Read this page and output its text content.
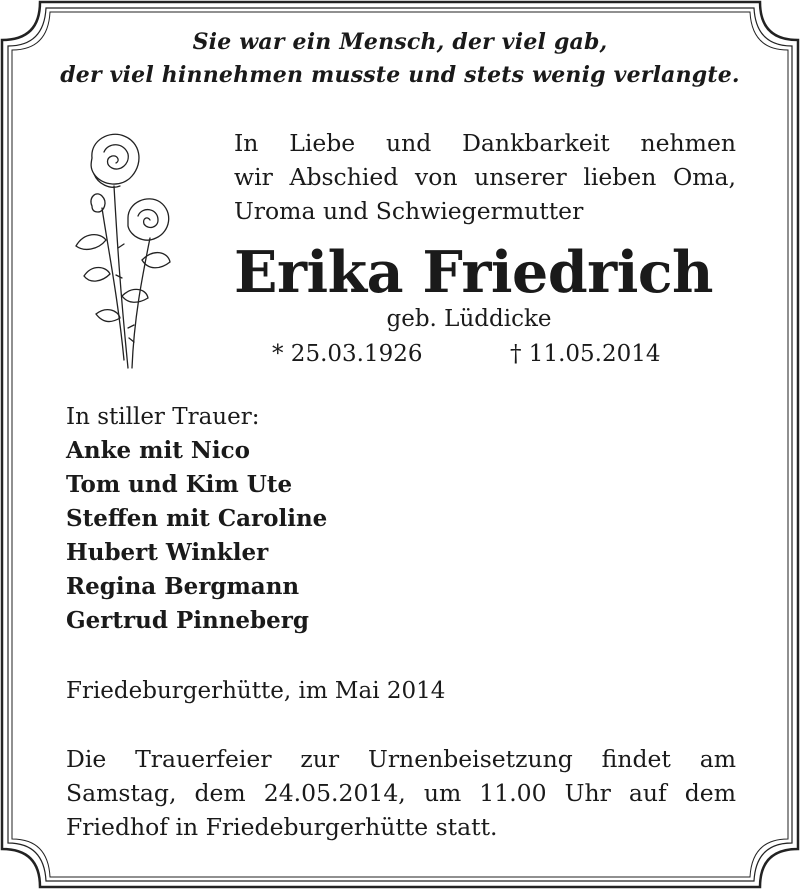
Sie war ein Mensch, der viel gab,
der viel hinnehmen musste und stets wenig verlangte.
In Liebe und Dankbarkeit nehmen
wir Abschied von unserer lieben Oma,
Uroma und Schwiegermutter
Erika Friedrich
geb. Lüddicke
* 25.03.1926	† 11.05.2014
In stiller Trauer:
Anke mit Nico
Tom und Kim Ute
Steffen mit Caroline
Hubert Winkler
Regina Bergmann
Gertrud Pinneberg
Friedeburgerhütte, im Mai 2014
Die Trauerfeier zur Urnenbeisetzung findet am
Samstag, dem 24.05.2014, um 11.00 Uhr auf dem
Friedhof in Friedeburgerhütte statt.
